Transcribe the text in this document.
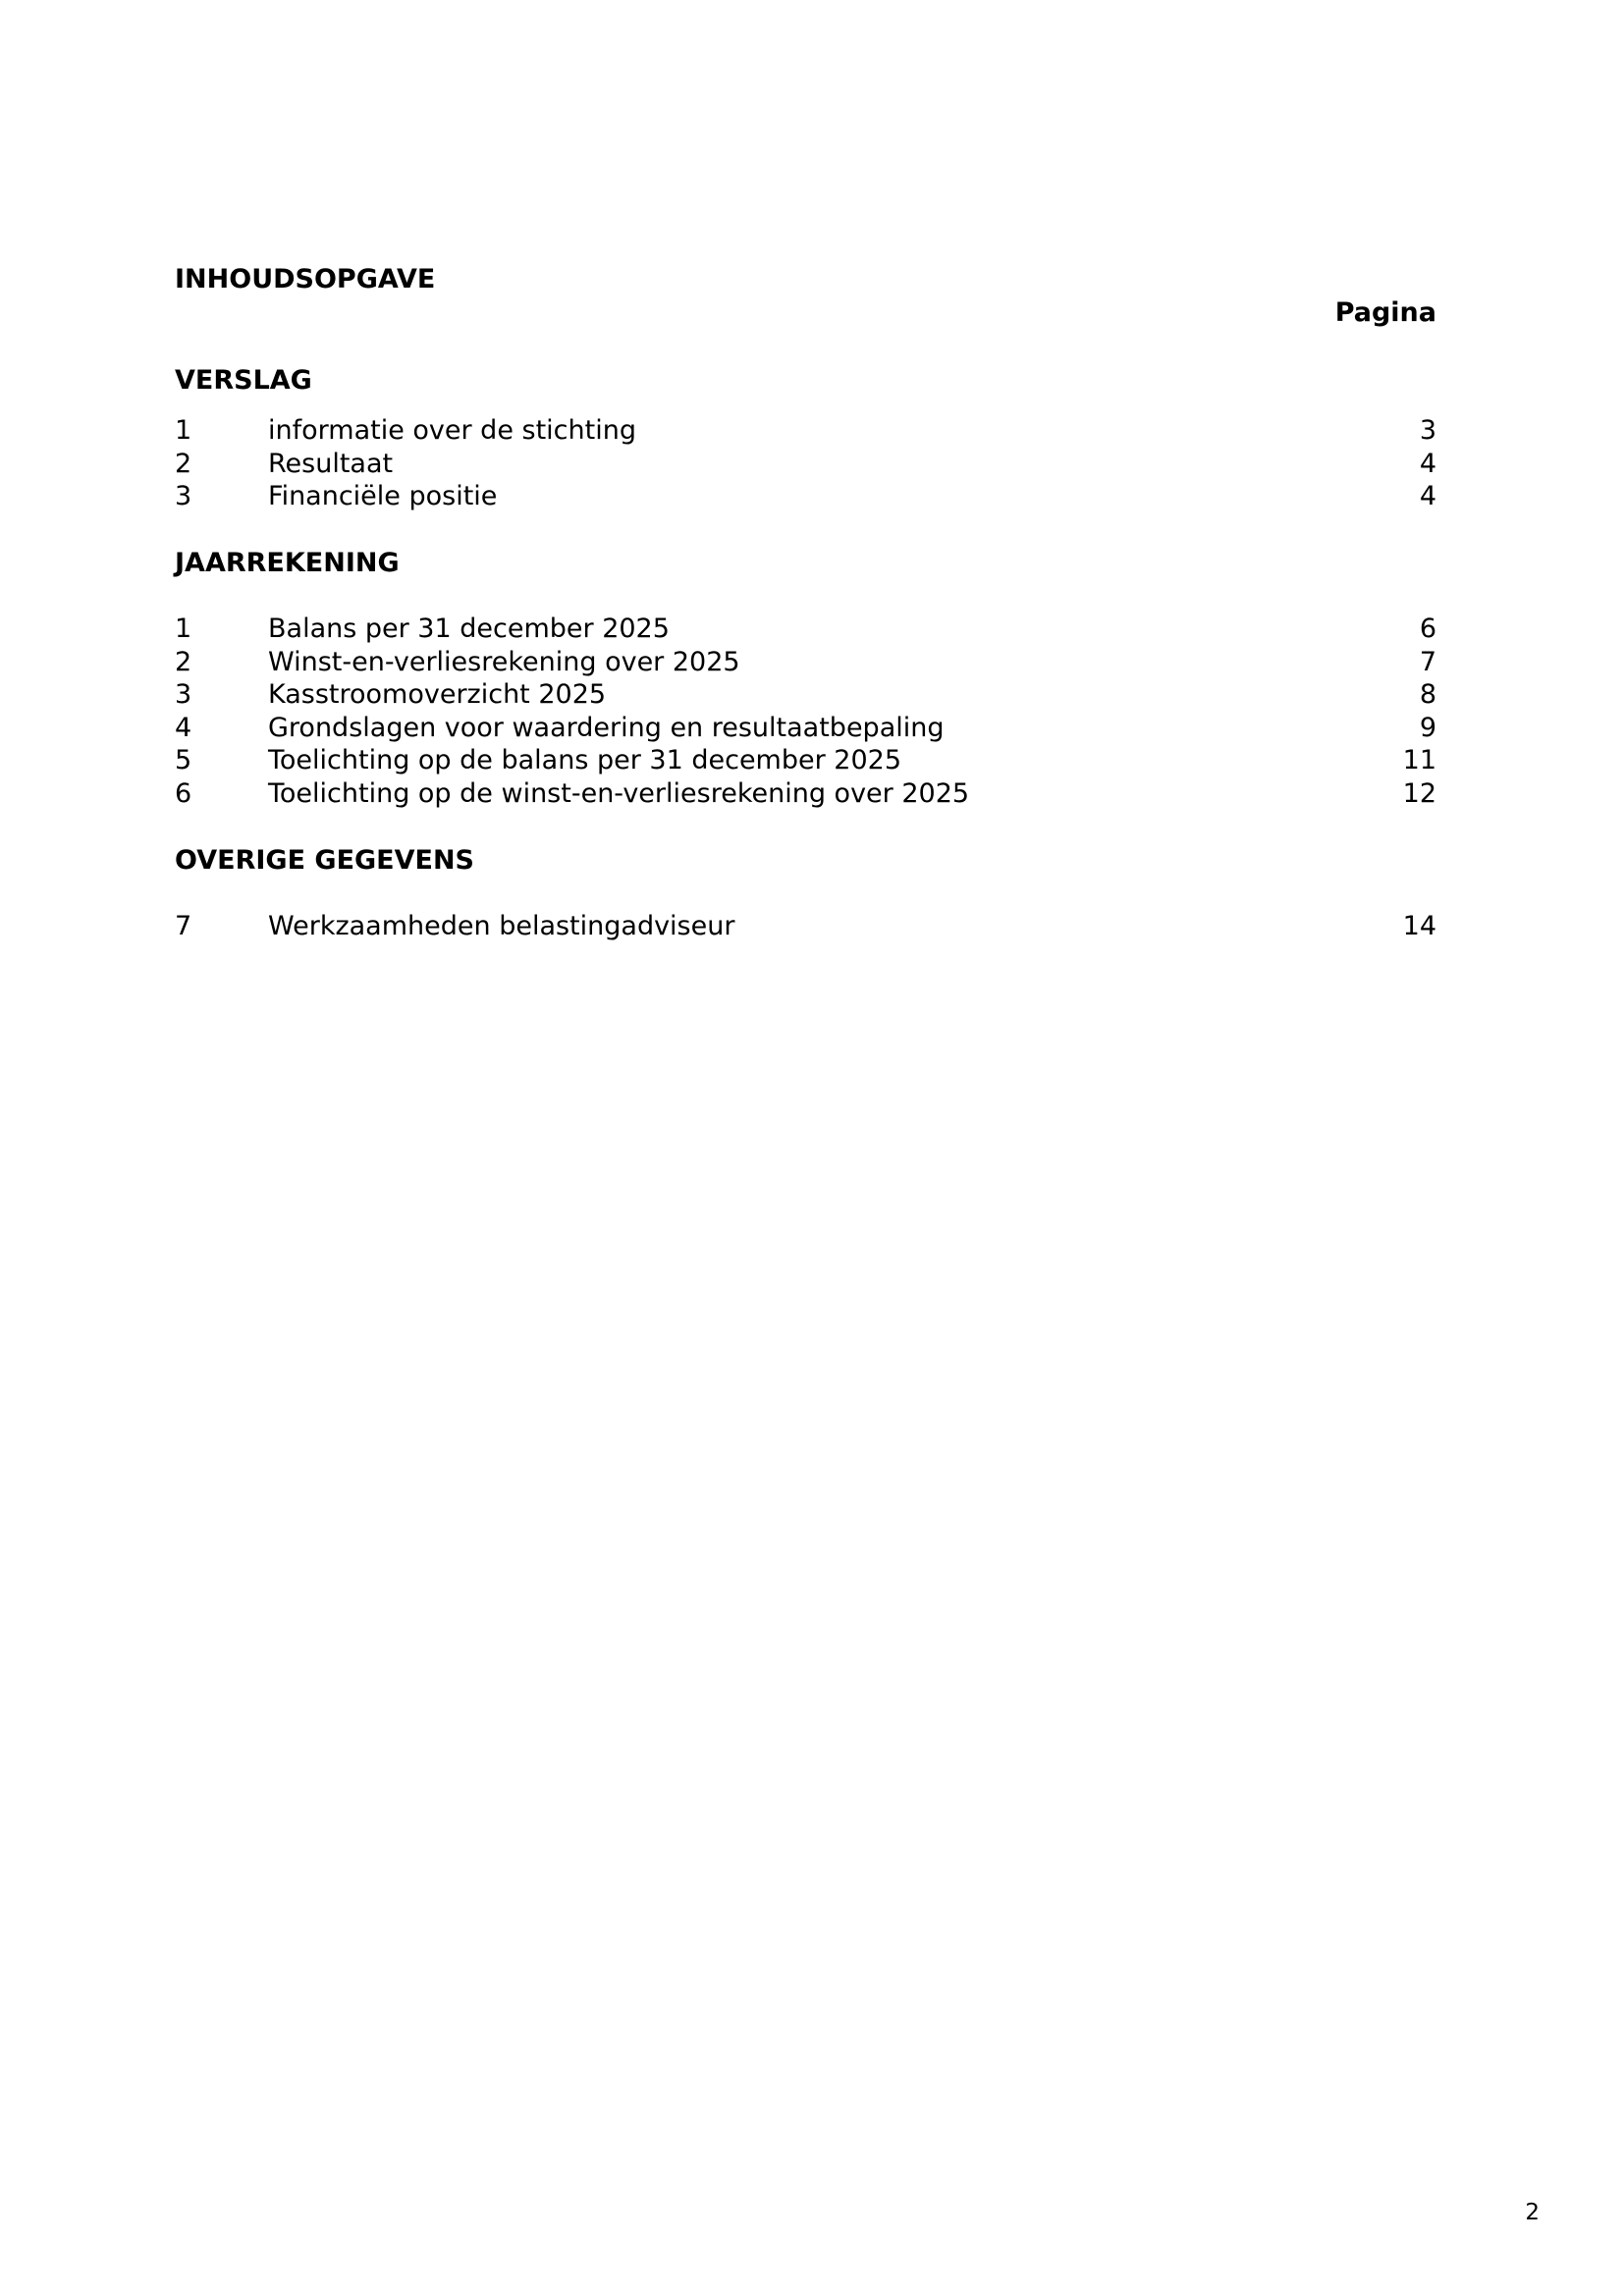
INHOUDSOPGAVE
Pagina
VERSLAG
1	informatie over de stichting	3
2	Resultaat	4
3	Financiële positie	4
JAARREKENING
1	Balans per 31 december 2025	6
2	Winst-en-verliesrekening over 2025	7
3	Kasstroomoverzicht 2025	8
4	Grondslagen voor waardering en resultaatbepaling	9
5	Toelichting op de balans per 31 december 2025	11
6	Toelichting op de winst-en-verliesrekening over 2025	12
OVERIGE GEGEVENS
7	Werkzaamheden belastingadviseur	14
2
